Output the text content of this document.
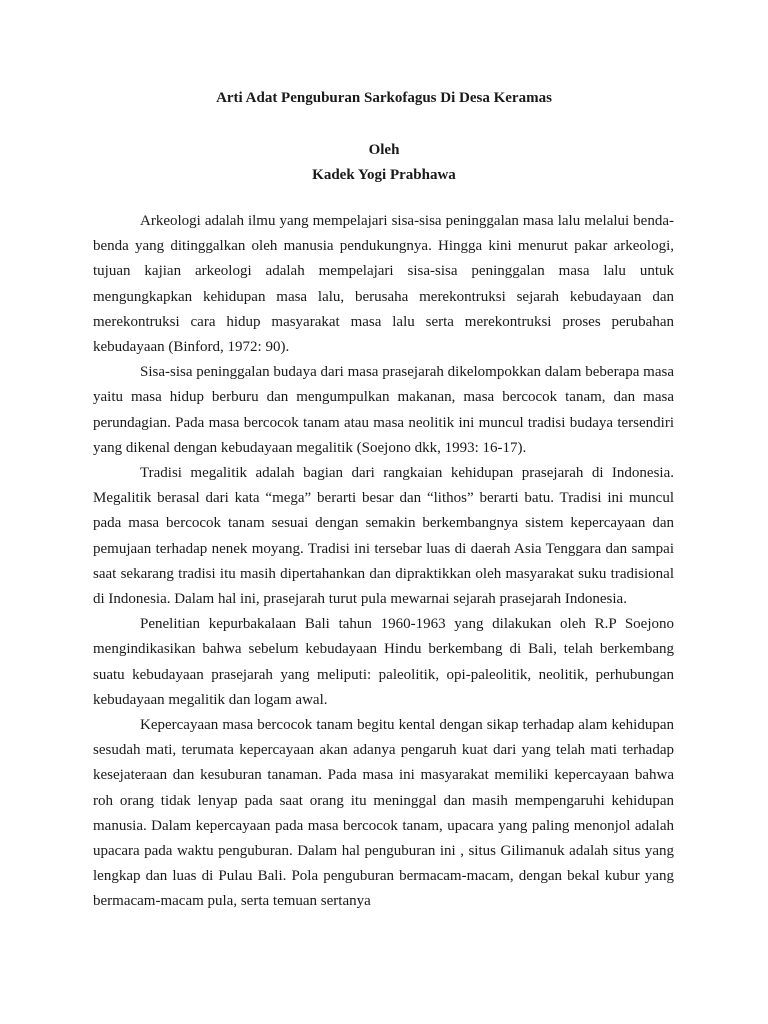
Arti Adat Penguburan Sarkofagus Di Desa Keramas
Oleh
Kadek Yogi Prabhawa

Arkeologi adalah ilmu yang mempelajari sisa-sisa peninggalan masa lalu melalui benda-benda yang ditinggalkan oleh manusia pendukungnya. Hingga kini menurut pakar arkeologi, tujuan kajian arkeologi adalah mempelajari sisa-sisa peninggalan masa lalu untuk mengungkapkan kehidupan masa lalu, berusaha merekontruksi sejarah kebudayaan dan merekontruksi cara hidup masyarakat masa lalu serta merekontruksi proses perubahan kebudayaan (Binford, 1972: 90).

Sisa-sisa peninggalan budaya dari masa prasejarah dikelompokkan dalam beberapa masa yaitu masa hidup berburu dan mengumpulkan makanan, masa bercocok tanam, dan masa perundagian. Pada masa bercocok tanam atau masa neolitik ini muncul tradisi budaya tersendiri yang dikenal dengan kebudayaan megalitik (Soejono dkk, 1993: 16-17).

Tradisi megalitik adalah bagian dari rangkaian kehidupan prasejarah di Indonesia. Megalitik berasal dari kata “mega” berarti besar dan “lithos” berarti batu. Tradisi ini muncul pada masa bercocok tanam sesuai dengan semakin berkembangnya sistem kepercayaan dan pemujaan terhadap nenek moyang. Tradisi ini tersebar luas di daerah Asia Tenggara dan sampai saat sekarang tradisi itu masih dipertahankan dan dipraktikkan oleh masyarakat suku tradisional di Indonesia. Dalam hal ini, prasejarah turut pula mewarnai sejarah prasejarah Indonesia.

Penelitian kepurbakalaan Bali tahun 1960-1963 yang dilakukan oleh R.P Soejono mengindikasikan bahwa sebelum kebudayaan Hindu berkembang di Bali, telah berkembang suatu kebudayaan prasejarah yang meliputi: paleolitik, opi-paleolitik, neolitik, perhubungan kebudayaan megalitik dan logam awal.

Kepercayaan masa bercocok tanam begitu kental dengan sikap terhadap alam kehidupan sesudah mati, terumata kepercayaan akan adanya pengaruh kuat dari yang telah mati terhadap kesejateraan dan kesuburan tanaman. Pada masa ini masyarakat memiliki kepercayaan bahwa roh orang tidak lenyap pada saat orang itu meninggal dan masih mempengaruhi kehidupan manusia. Dalam kepercayaan pada masa bercocok tanam, upacara yang paling menonjol adalah upacara pada waktu penguburan. Dalam hal penguburan ini , situs Gilimanuk adalah situs yang lengkap dan luas di Pulau Bali. Pola penguburan bermacam-macam, dengan bekal kubur yang bermacam-macam pula, serta temuan sertanya
